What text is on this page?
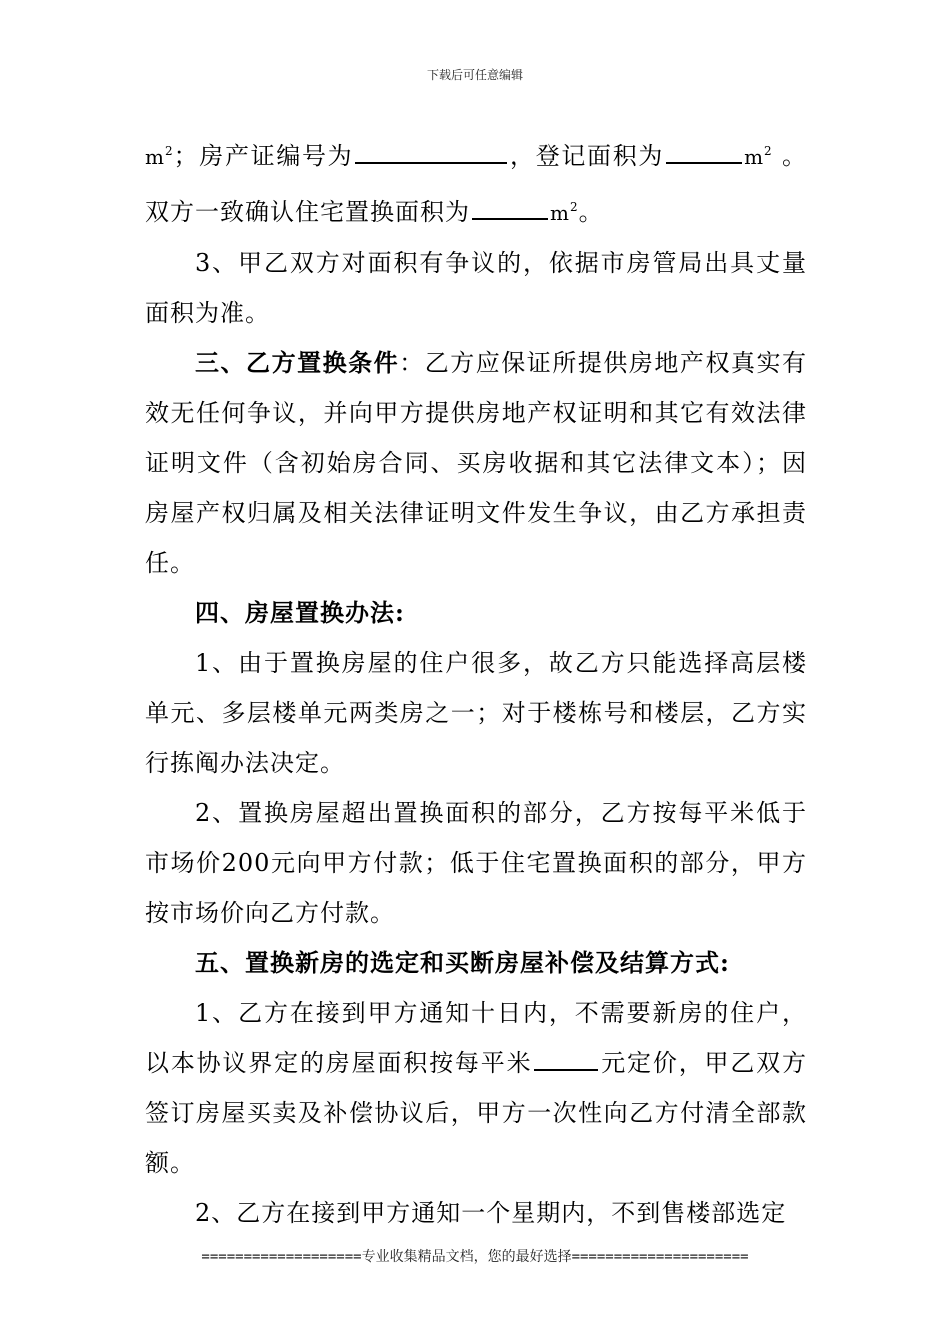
下载后可任意编辑

$m^2$；房产证编号为	，登记面积为	$m^2$ 。双方一致确认住宅置换面积为	$m^2$。

3、甲乙双方对面积有争议的，依据市房管局出具丈量面积为准。

三、乙方置换条件：乙方应保证所提供房地产权真实有效无任何争议，并向甲方提供房地产权证明和其它有效法律证明文件（含初始房合同、买房收据和其它法律文本）；因房屋产权归属及相关法律证明文件发生争议，由乙方承担责任。

四、房屋置换办法:

1、由于置换房屋的住户很多，故乙方只能选择高层楼单元、多层楼单元两类房之一；对于楼栋号和楼层，乙方实行拣阄办法决定。

2、置换房屋超出置换面积的部分，乙方按每平米低于市场价200元向甲方付款；低于住宅置换面积的部分，甲方按市场价向乙方付款。

五、置换新房的选定和买断房屋补偿及结算方式:

1、乙方在接到甲方通知十日内，不需要新房的住户，以本协议界定的房屋面积按每平米	元定价，甲乙双方签订房屋买卖及补偿协议后，甲方一次性向乙方付清全部款额。

2、乙方在接到甲方通知一个星期内，不到售楼部选定

===================专业收集精品文档，您的最好选择=====================
